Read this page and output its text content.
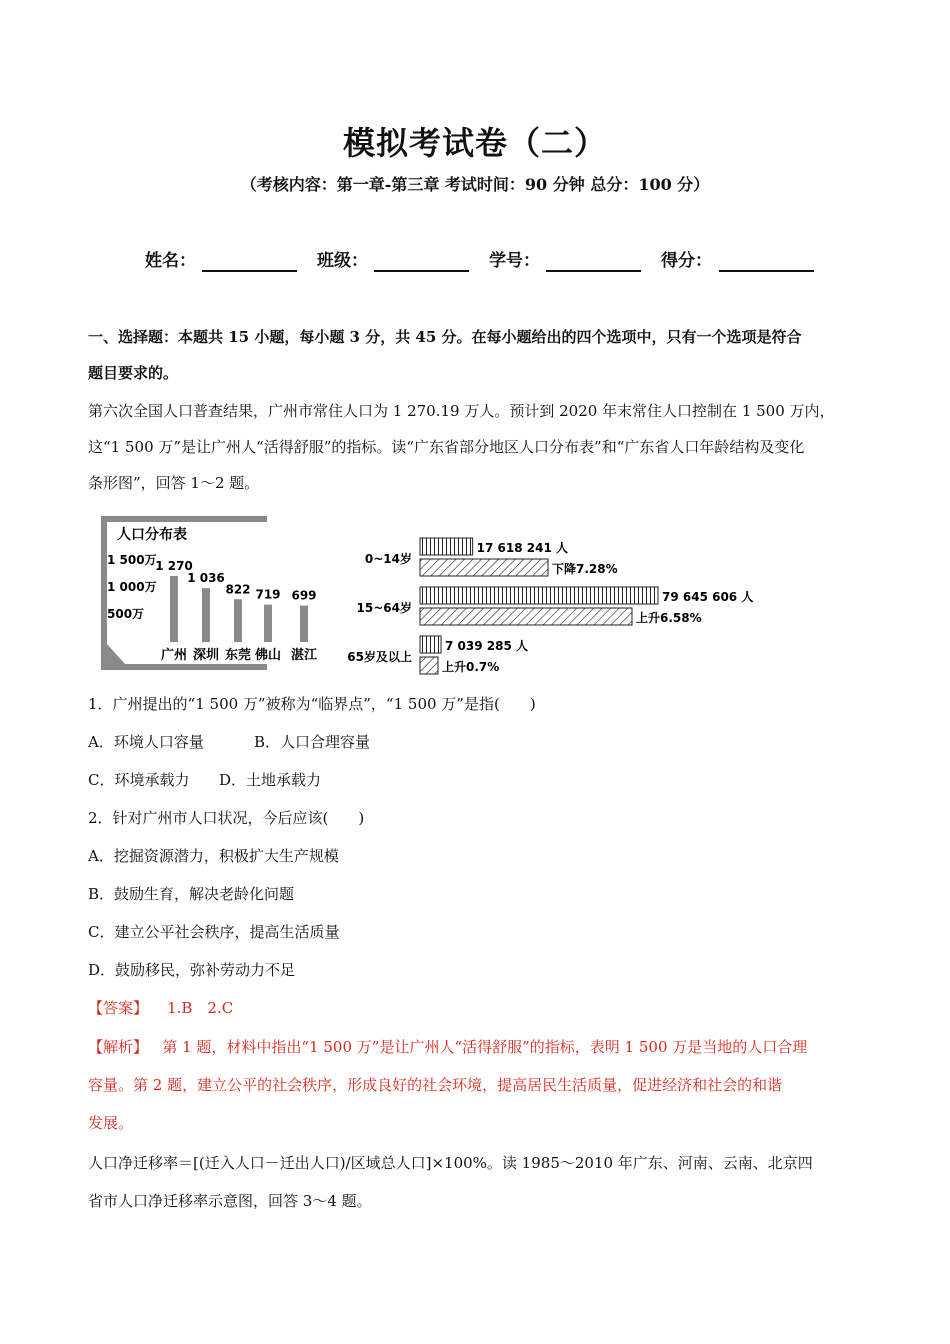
模拟考试卷（二）
（考核内容：第一章-第三章 考试时间：90 分钟 总分：100 分）
姓名：	班级：	学号：	得分：
一、选择题：本题共 15 小题，每小题 3 分，共 45 分。在每小题给出的四个选项中，只有一个选项是符合
题目要求的。
第六次全国人口普查结果，广州市常住人口为 1 270.19 万人。预计到 2020 年末常住人口控制在 1 500 万内，
这“1 500 万”是让广州人“活得舒服”的指标。读“广东省部分地区人口分布表”和“广东省人口年龄结构及变化
条形图”，回答 1～2 题。
人口分布表
1 500万
1 000万
500万
1 270
1 036
822 719 699
广州 深圳 东莞 佛山 湛江
0~14岁
17 618 241 人
下降7.28%
15~64岁
79 645 606 人
上升6.58%
65岁及以上
7 039 285 人
上升0.7%
1．广州提出的“1 500 万”被称为“临界点”，“1 500 万”是指(　　)
A．环境人口容量	B．人口合理容量
C．环境承载力 D．土地承载力
2．针对广州市人口状况，今后应该(　　)
A．挖掘资源潜力，积极扩大生产规模
B．鼓励生育，解决老龄化问题
C．建立公平社会秩序，提高生活质量
D．鼓励移民，弥补劳动力不足
【答案】 1.B　2.C
【解析】 第 1 题，材料中指出“1 500 万”是让广州人“活得舒服”的指标，表明 1 500 万是当地的人口合理
容量。第 2 题，建立公平的社会秩序，形成良好的社会环境，提高居民生活质量，促进经济和社会的和谐
发展。
人口净迁移率＝[(迁入人口－迁出人口)/区域总人口]×100%。读 1985～2010 年广东、河南、云南、北京四
省市人口净迁移率示意图，回答 3～4 题。
